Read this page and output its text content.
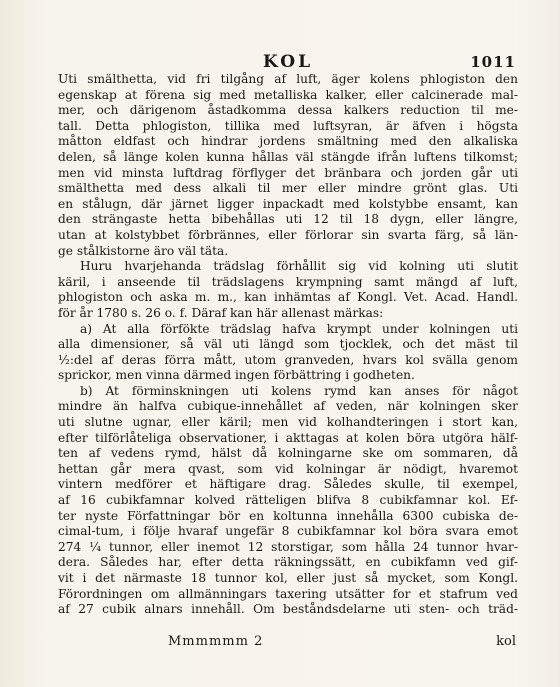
KOL	1011
Uti smälthetta, vid fri tilgång af luft, äger kolens phlogiston den
egenskap at förena sig med metalliska kalker, eller calcinerade mal-
mer, och därigenom åstadkomma dessa kalkers reduction til me-
tall. Detta phlogiston, tillika med luftsyran, är äfven i högsta
måtton eldfast och hindrar jordens smältning med den alkaliska
delen, så länge kolen kunna hållas väl stängde ifrån luftens tilkomst;
men vid minsta luftdrag förflyger det bränbara och jorden går uti
smälthetta med dess alkali til mer eller mindre grönt glas. Uti
en stålugn, där järnet ligger inpackadt med kolstybbe ensamt, kan
den strängaste hetta bibehållas uti 12 til 18 dygn, eller längre,
utan at kolstybbet förbrännes, eller förlorar sin svarta färg, så län-
ge stålkistorne äro väl täta.
Huru hvarjehanda trädslag förhållit sig vid kolning uti slutit
käril, i anseende til trädslagens krympning samt mängd af luft,
phlogiston och aska m. m., kan inhämtas af Kongl. Vet. Acad. Handl.
för år 1780 s. 26 o. f. Däraf kan här allenast märkas:
a) At alla förfökte trädslag hafva krympt under kolningen uti
alla dimensioner, så väl uti längd som tjocklek, och det mäst til
½:del af deras förra mått, utom granveden, hvars kol svälla genom
sprickor, men vinna därmed ingen förbättring i godheten.
b) At förminskningen uti kolens rymd kan anses för något
mindre än halfva cubique-innehållet af veden, när kolningen sker
uti slutne ugnar, eller käril; men vid kolhandteringen i stort kan,
efter tilförlåteliga observationer, i akttagas at kolen böra utgöra hälf-
ten af vedens rymd, hälst då kolningarne ske om sommaren, då
hettan går mera qvast, som vid kolningar är nödigt, hvaremot
vintern medförer et häftigare drag. Således skulle, til exempel,
af 16 cubikfamnar kolved rätteligen blifva 8 cubikfamnar kol. Ef-
ter nyste Författningar bör en koltunna innehålla 6300 cubiska de-
cimal-tum, i följe hvaraf ungefär 8 cubikfamnar kol böra svara emot
274 ¼ tunnor, eller inemot 12 storstigar, som hålla 24 tunnor hvar-
dera. Således har, efter detta räkningssätt, en cubikfamn ved gif-
vit i det närmaste 18 tunnor kol, eller just så mycket, som Kongl.
Förordningen om allmänningars taxering utsätter for et stafrum ved
af 27 cubik alnars innehåll. Om beståndsdelarne uti sten- och träd-
Mmmmmm 2	kol
